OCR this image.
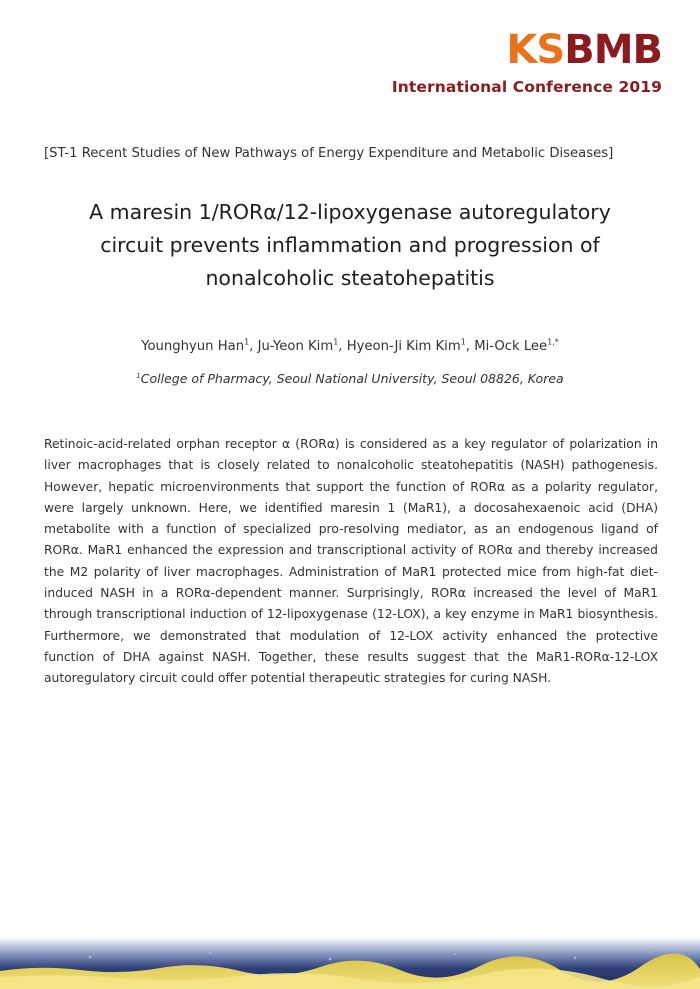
KSBMB
International Conference 2019
[ST-1 Recent Studies of New Pathways of Energy Expenditure and Metabolic Diseases]
A maresin 1/RORα/12-lipoxygenase autoregulatory
circuit prevents inflammation and progression of
nonalcoholic steatohepatitis
Younghyun Han$^1$, Ju-Yeon Kim$^1$, Hyeon-Ji Kim Kim$^1$, Mi-Ock Lee$^{1,*}$
$^1$College of Pharmacy, Seoul National University, Seoul 08826, Korea

Retinoic-acid-related orphan receptor α (RORα) is considered as a key regulator of polarization in liver macrophages that is closely related to nonalcoholic steatohepatitis (NASH) pathogenesis. However, hepatic microenvironments that support the function of RORα as a polarity regulator, were largely unknown. Here, we identified maresin 1 (MaR1), a docosahexaenoic acid (DHA) metabolite with a function of specialized pro-resolving mediator, as an endogenous ligand of RORα. MaR1 enhanced the expression and transcriptional activity of RORα and thereby increased the M2 polarity of liver macrophages. Administration of MaR1 protected mice from high-fat diet-induced NASH in a RORα-dependent manner. Surprisingly, RORα increased the level of MaR1 through transcriptional induction of 12-lipoxygenase (12-LOX), a key enzyme in MaR1 biosynthesis. Furthermore, we demonstrated that modulation of 12-LOX activity enhanced the protective function of DHA against NASH. Together, these results suggest that the MaR1-RORα-12-LOX autoregulatory circuit could offer potential therapeutic strategies for curing NASH.
